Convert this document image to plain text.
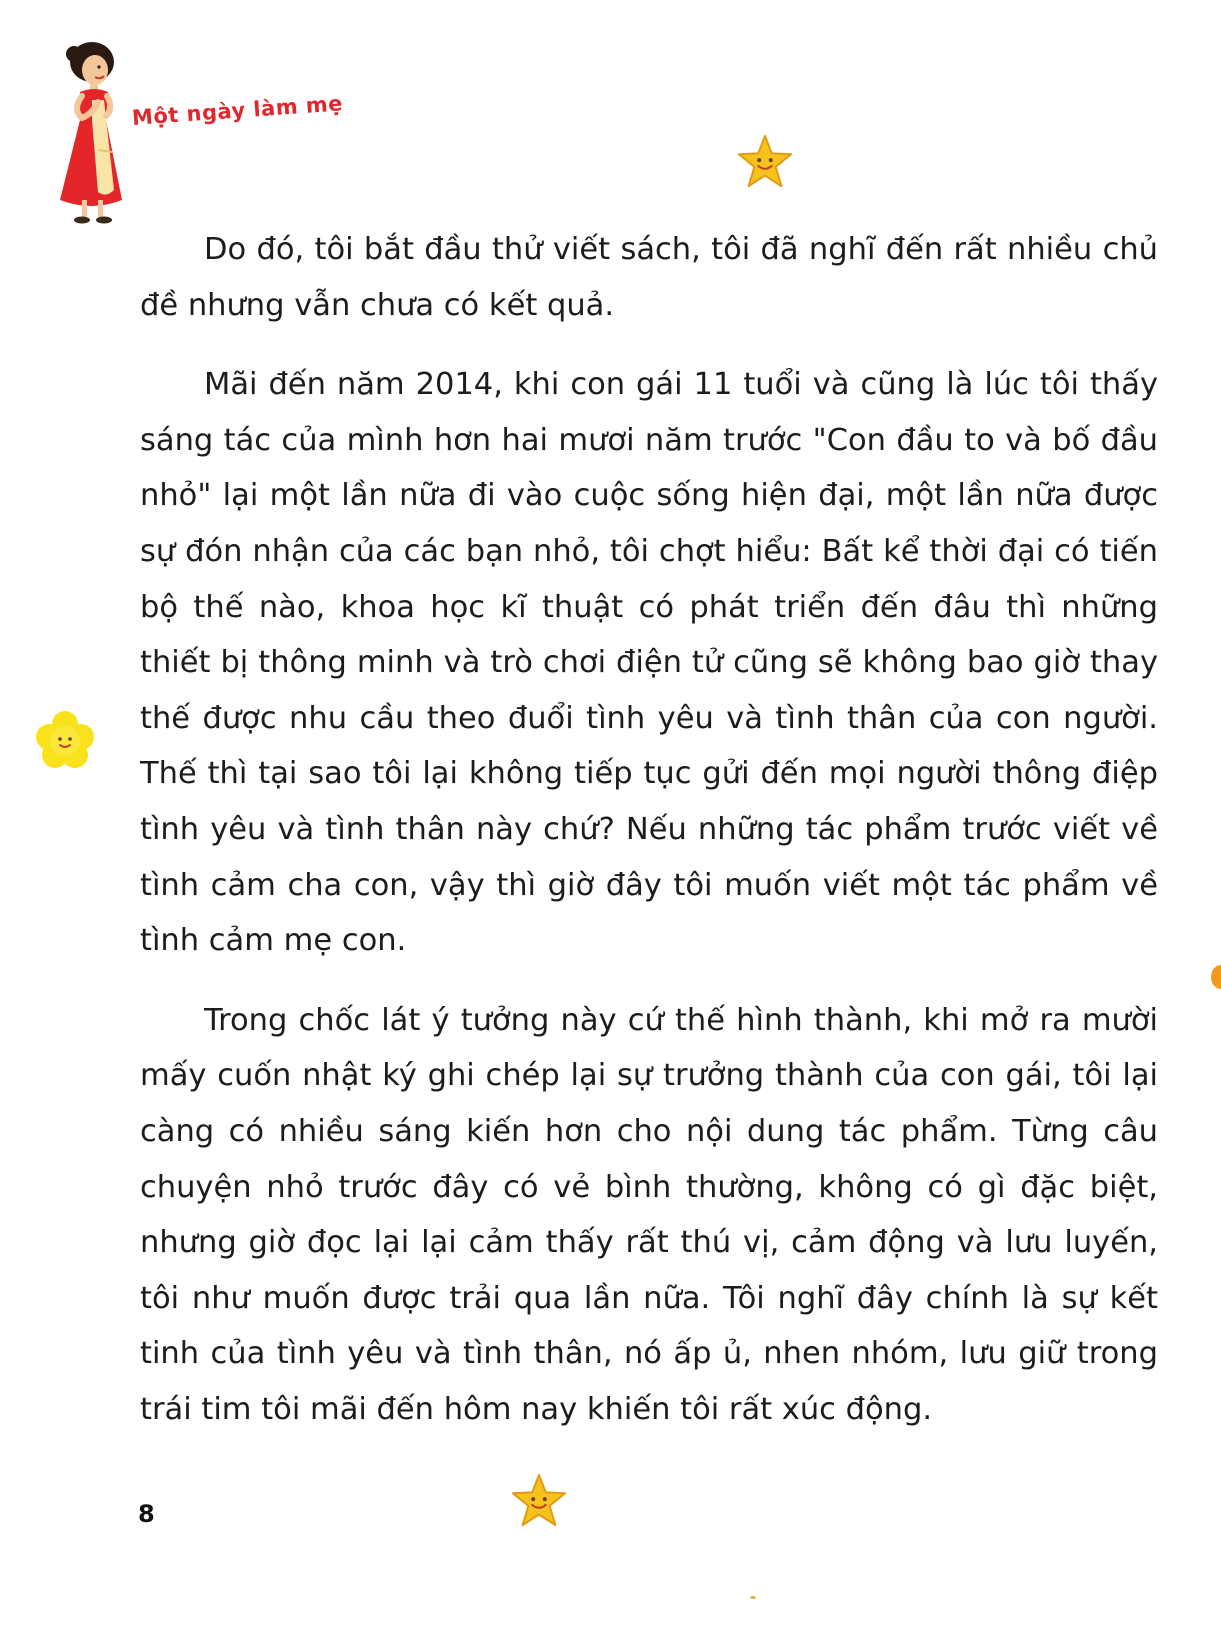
Một ngày làm mẹ

Do đó, tôi bắt đầu thử viết sách, tôi đã nghĩ đến rất nhiều chủ đề nhưng vẫn chưa có kết quả.

Mãi đến năm 2014, khi con gái 11 tuổi và cũng là lúc tôi thấy sáng tác của mình hơn hai mươi năm trước "Con đầu to và bố đầu nhỏ" lại một lần nữa đi vào cuộc sống hiện đại, một lần nữa được sự đón nhận của các bạn nhỏ, tôi chợt hiểu: Bất kể thời đại có tiến bộ thế nào, khoa học kĩ thuật có phát triển đến đâu thì những thiết bị thông minh và trò chơi điện tử cũng sẽ không bao giờ thay thế được nhu cầu theo đuổi tình yêu và tình thân của con người. Thế thì tại sao tôi lại không tiếp tục gửi đến mọi người thông điệp tình yêu và tình thân này chứ? Nếu những tác phẩm trước viết về tình cảm cha con, vậy thì giờ đây tôi muốn viết một tác phẩm về tình cảm mẹ con.

Trong chốc lát ý tưởng này cứ thế hình thành, khi mở ra mười mấy cuốn nhật ký ghi chép lại sự trưởng thành của con gái, tôi lại càng có nhiều sáng kiến hơn cho nội dung tác phẩm. Từng câu chuyện nhỏ trước đây có vẻ bình thường, không có gì đặc biệt, nhưng giờ đọc lại lại cảm thấy rất thú vị, cảm động và lưu luyến, tôi như muốn được trải qua lần nữa. Tôi nghĩ đây chính là sự kết tinh của tình yêu và tình thân, nó ấp ủ, nhen nhóm, lưu giữ trong trái tim tôi mãi đến hôm nay khiến tôi rất xúc động.

8
